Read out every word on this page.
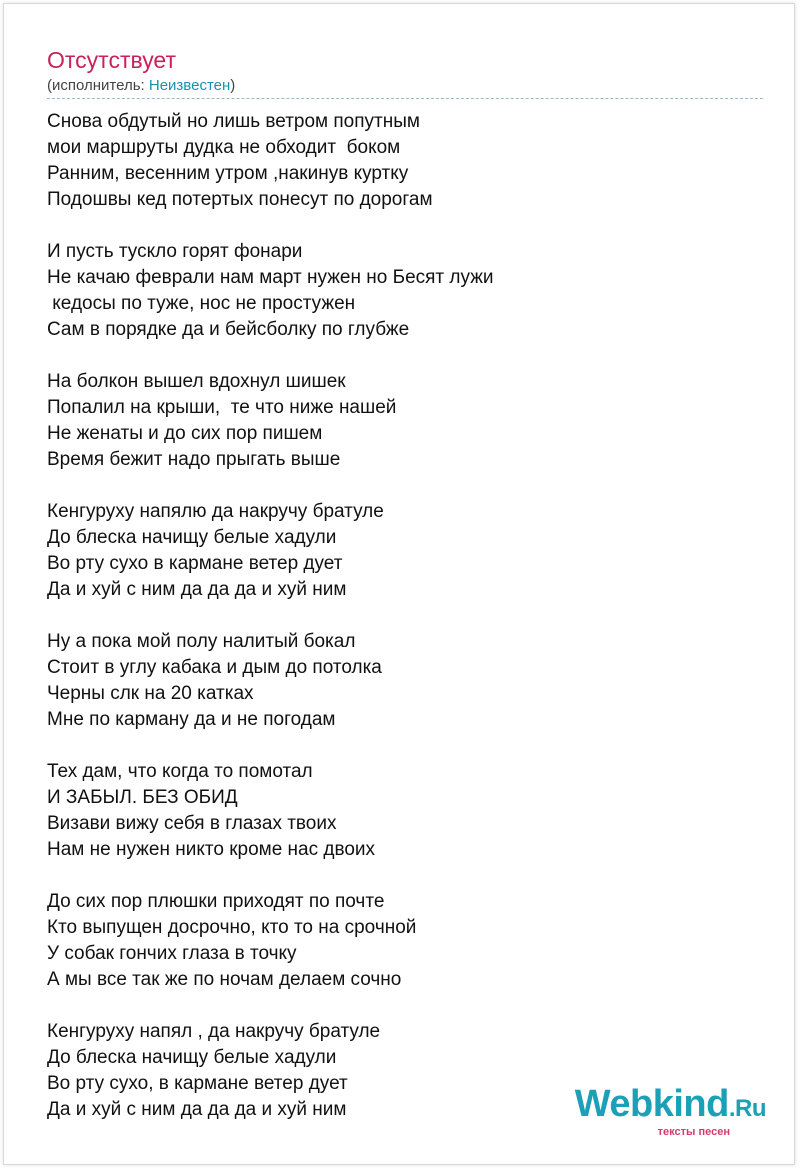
Отсутствует
(исполнитель: Неизвестен)
Снова обдутый но лишь ветром попутным
мои маршруты дудка не обходит  боком
Ранним, весенним утром ,накинув куртку
Подошвы кед потертых понесут по дорогам
И пусть тускло горят фонари
Не качаю феврали нам март нужен но Бесят лужи
кедосы по туже, нос не простужен
Сам в порядке да и бейсболку по глубже
На болкон вышел вдохнул шишек
Попалил на крыши,  те что ниже нашей
Не женаты и до сих пор пишем
Время бежит надо прыгать выше
Кенгуруху напялю да накручу братуле
До блеска начищу белые хадули
Во рту сухо в кармане ветер дует
Да и хуй с ним да да да и хуй ним
Ну а пока мой полу налитый бокал
Стоит в углу кабака и дым до потолка
Черны слк на 20 катках
Мне по карману да и не погодам
Тех дам, что когда то помотал
И ЗАБЫЛ. БЕЗ ОБИД
Визави вижу себя в глазах твоих
Нам не нужен никто кроме нас двоих
До сих пор плюшки приходят по почте
Кто выпущен досрочно, кто то на срочной
У собак гончих глаза в точку
А мы все так же по ночам делаем сочно
Кенгуруху напял , да накручу братуле
До блеска начищу белые хадули
Во рту сухо, в кармане ветер дует
Да и хуй с ним да да да и хуй ним	Webkind.Ru
тексты песен
